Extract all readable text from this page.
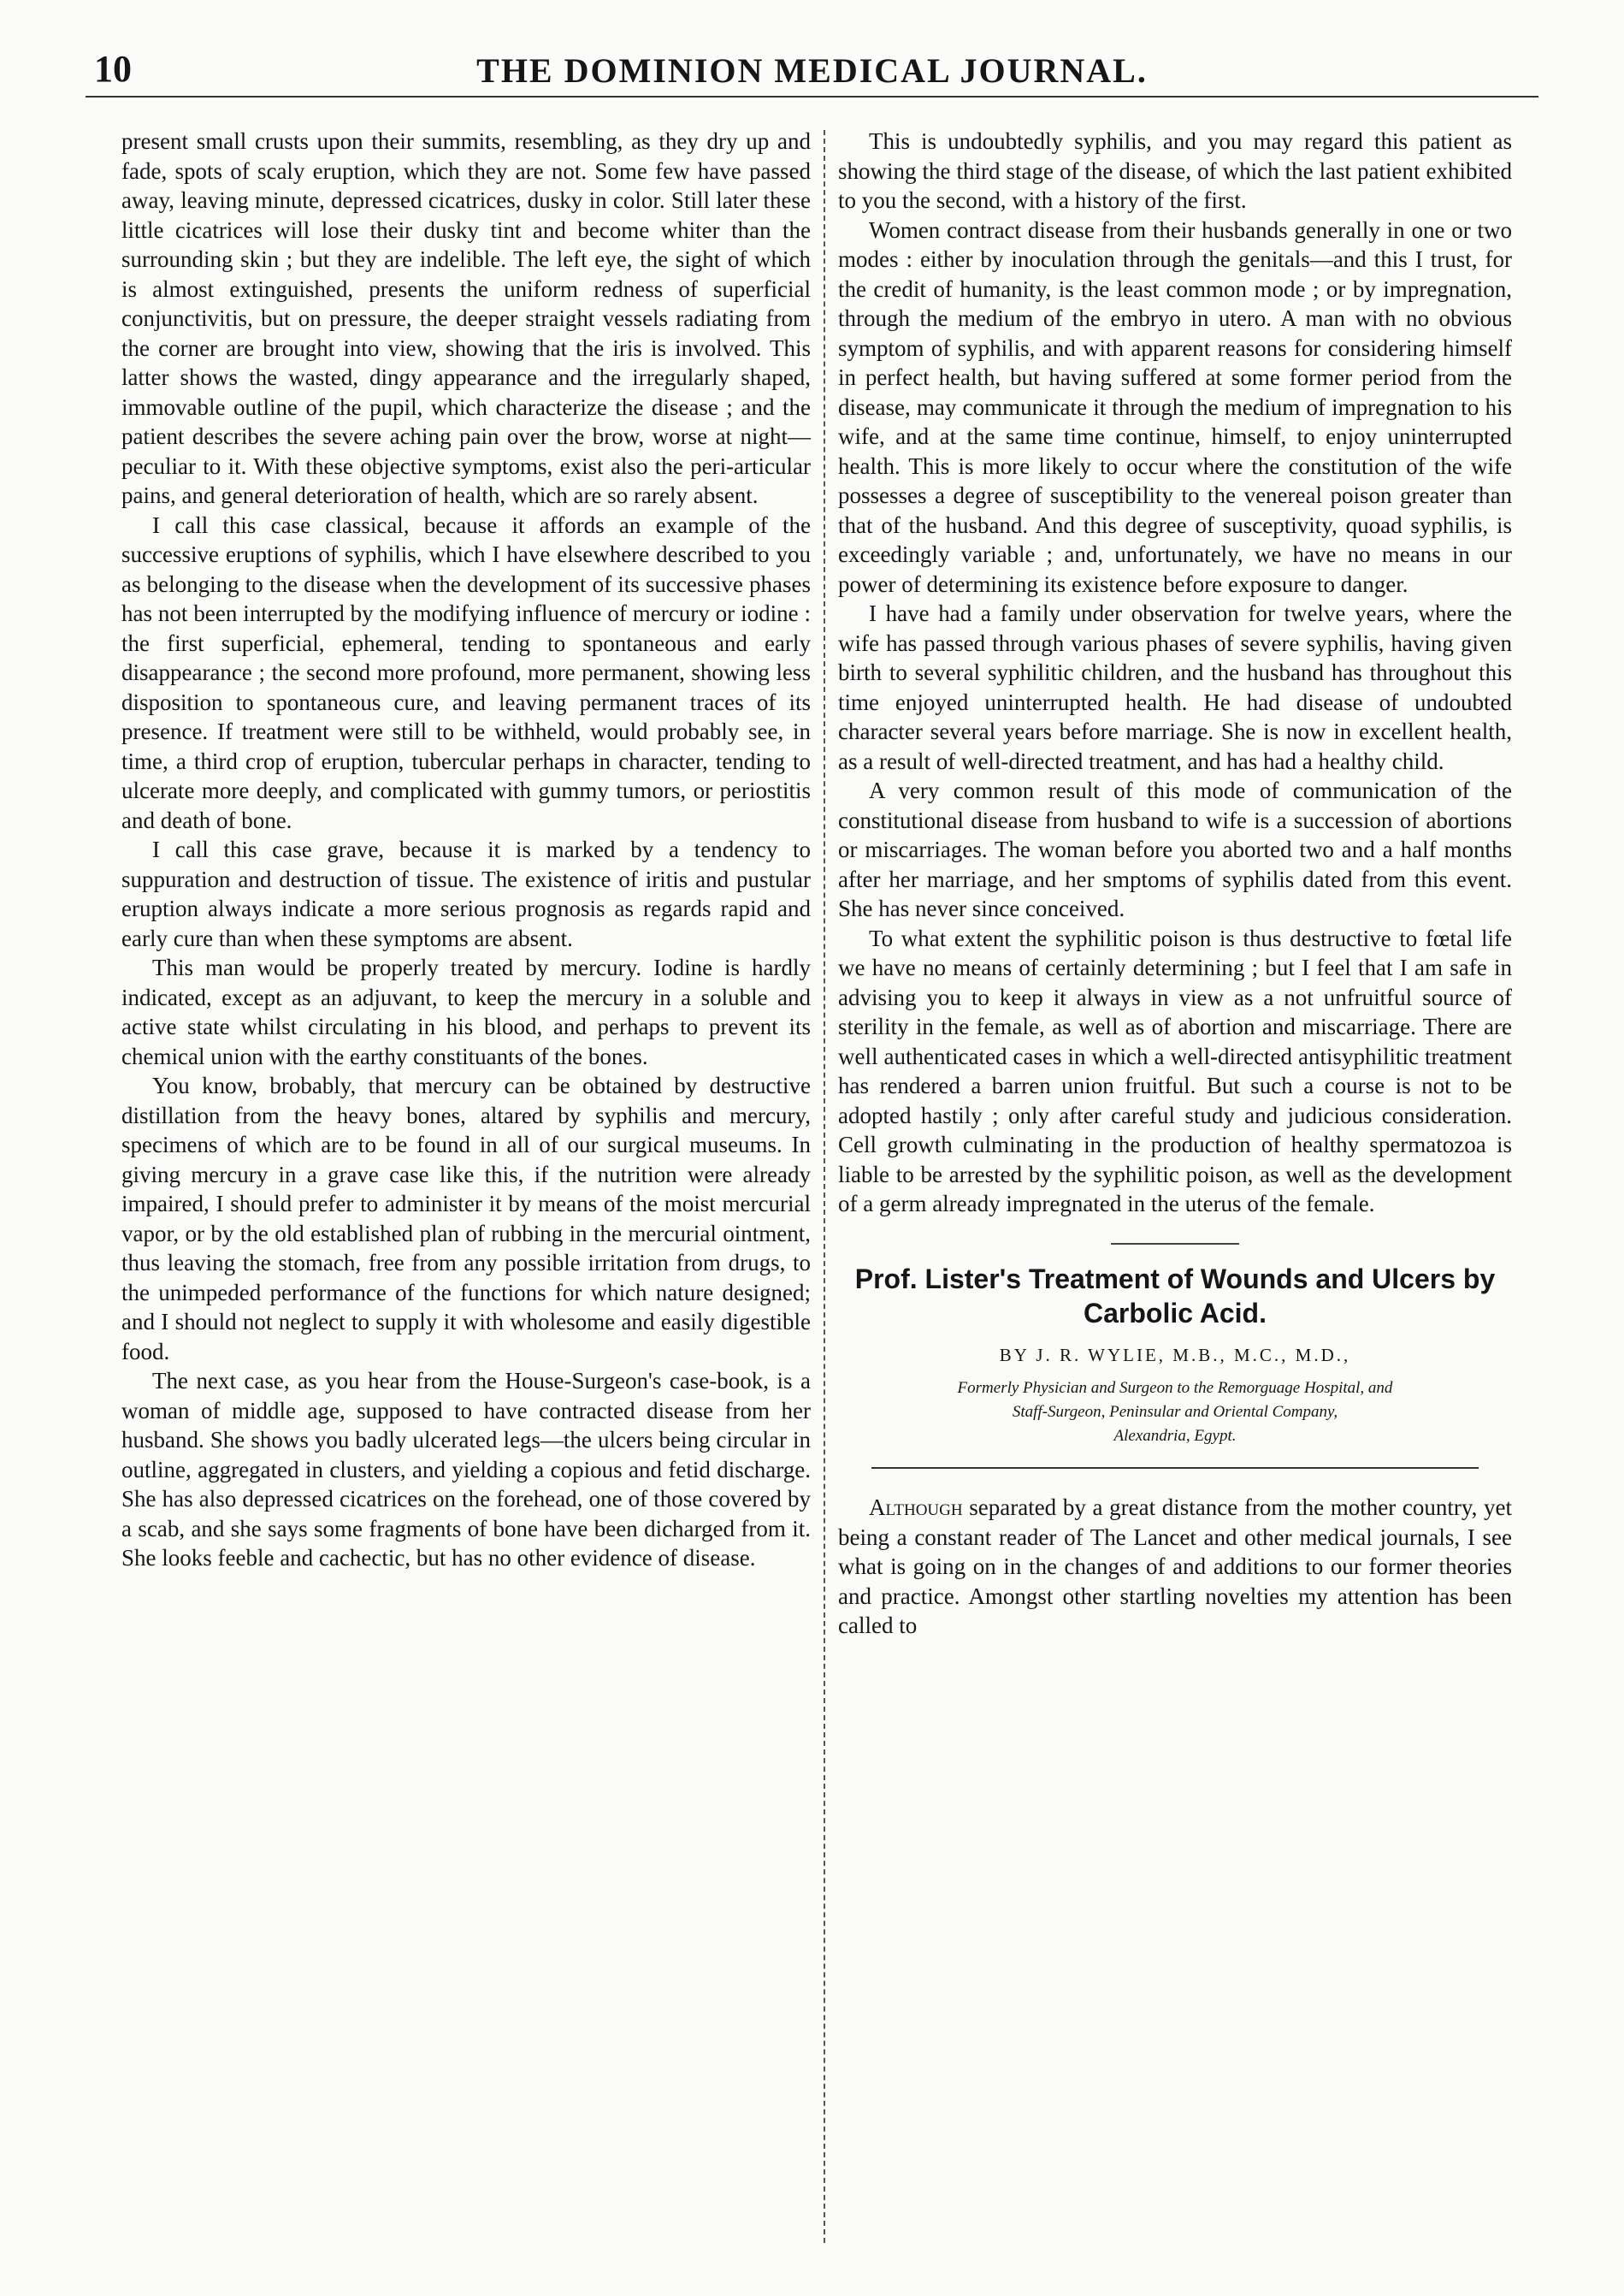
10	THE DOMINION MEDICAL JOURNAL.

present small crusts upon their summits, resembling, as they dry up and fade, spots of scaly eruption, which they are not. Some few have passed away, leaving minute, depressed cicatrices, dusky in color. Still later these little cicatrices will lose their dusky tint and become whiter than the surrounding skin ; but they are indelible. The left eye, the sight of which is almost extinguished, presents the uniform redness of superficial conjunctivitis, but on pressure, the deeper straight vessels radiating from the corner are brought into view, showing that the iris is involved. This latter shows the wasted, dingy appearance and the irregularly shaped, immovable outline of the pupil, which characterize the disease ; and the patient describes the severe aching pain over the brow, worse at night—peculiar to it. With these objective symptoms, exist also the peri-articular pains, and general deterioration of health, which are so rarely absent.

I call this case classical, because it affords an example of the successive eruptions of syphilis, which I have elsewhere described to you as belonging to the disease when the development of its successive phases has not been interrupted by the modifying influence of mercury or iodine : the first superficial, ephemeral, tending to spontaneous and early disappearance ; the second more profound, more permanent, showing less disposition to spontaneous cure, and leaving permanent traces of its presence. If treatment were still to be withheld, would probably see, in time, a third crop of eruption, tubercular perhaps in character, tending to ulcerate more deeply, and complicated with gummy tumors, or periostitis and death of bone.

I call this case grave, because it is marked by a tendency to suppuration and destruction of tissue. The existence of iritis and pustular eruption always indicate a more serious prognosis as regards rapid and early cure than when these symptoms are absent.

This man would be properly treated by mercury. Iodine is hardly indicated, except as an adjuvant, to keep the mercury in a soluble and active state whilst circulating in his blood, and perhaps to prevent its chemical union with the earthy constituants of the bones.

You know, brobably, that mercury can be obtained by destructive distillation from the heavy bones, altared by syphilis and mercury, specimens of which are to be found in all of our surgical museums. In giving mercury in a grave case like this, if the nutrition were already impaired, I should prefer to administer it by means of the moist mercurial vapor, or by the old established plan of rubbing in the mercurial ointment, thus leaving the stomach, free from any possible irritation from drugs, to the unimpeded performance of the functions for which nature designed; and I should not neglect to supply it with wholesome and easily digestible food.

The next case, as you hear from the House-Surgeon's case-book, is a woman of middle age, supposed to have contracted disease from her husband. She shows you badly ulcerated legs—the ulcers being circular in outline, aggregated in clusters, and yielding a copious and fetid discharge. She has also depressed cicatrices on the forehead, one of those covered by a scab, and she says some fragments of bone have been dicharged from it. She looks feeble and cachectic, but has no other evidence of disease.

This is undoubtedly syphilis, and you may regard this patient as showing the third stage of the disease, of which the last patient exhibited to you the second, with a history of the first.

Women contract disease from their husbands generally in one or two modes : either by inoculation through the genitals—and this I trust, for the credit of humanity, is the least common mode ; or by impregnation, through the medium of the embryo in utero. A man with no obvious symptom of syphilis, and with apparent reasons for considering himself in perfect health, but having suffered at some former period from the disease, may communicate it through the medium of impregnation to his wife, and at the same time continue, himself, to enjoy uninterrupted health. This is more likely to occur where the constitution of the wife possesses a degree of susceptibility to the venereal poison greater than that of the husband. And this degree of susceptivity, quoad syphilis, is exceedingly variable ; and, unfortunately, we have no means in our power of determining its existence before exposure to danger.

I have had a family under observation for twelve years, where the wife has passed through various phases of severe syphilis, having given birth to several syphilitic children, and the husband has throughout this time enjoyed uninterrupted health. He had disease of undoubted character several years before marriage. She is now in excellent health, as a result of well-directed treatment, and has had a healthy child.

A very common result of this mode of communication of the constitutional disease from husband to wife is a succession of abortions or miscarriages. The woman before you aborted two and a half months after her marriage, and her smptoms of syphilis dated from this event. She has never since conceived.

To what extent the syphilitic poison is thus destructive to fœtal life we have no means of certainly determining ; but I feel that I am safe in advising you to keep it always in view as a not unfruitful source of sterility in the female, as well as of abortion and miscarriage. There are well authenticated cases in which a well-directed antisyphilitic treatment has rendered a barren union fruitful. But such a course is not to be adopted hastily ; only after careful study and judicious consideration. Cell growth culminating in the production of healthy spermatozoa is liable to be arrested by the syphilitic poison, as well as the development of a germ already impregnated in the uterus of the female.

Prof. Lister's Treatment of Wounds and Ulcers by Carbolic Acid.
BY J. R. WYLIE, M.B., M.C., M.D.,
Formerly Physician and Surgeon to the Remorguage Hospital, and
Staff-Surgeon, Peninsular and Oriental Company,
Alexandria, Egypt.

Although separated by a great distance from the mother country, yet being a constant reader of The Lancet and other medical journals, I see what is going on in the changes of and additions to our former theories and practice. Amongst other startling novelties my attention has been called to
